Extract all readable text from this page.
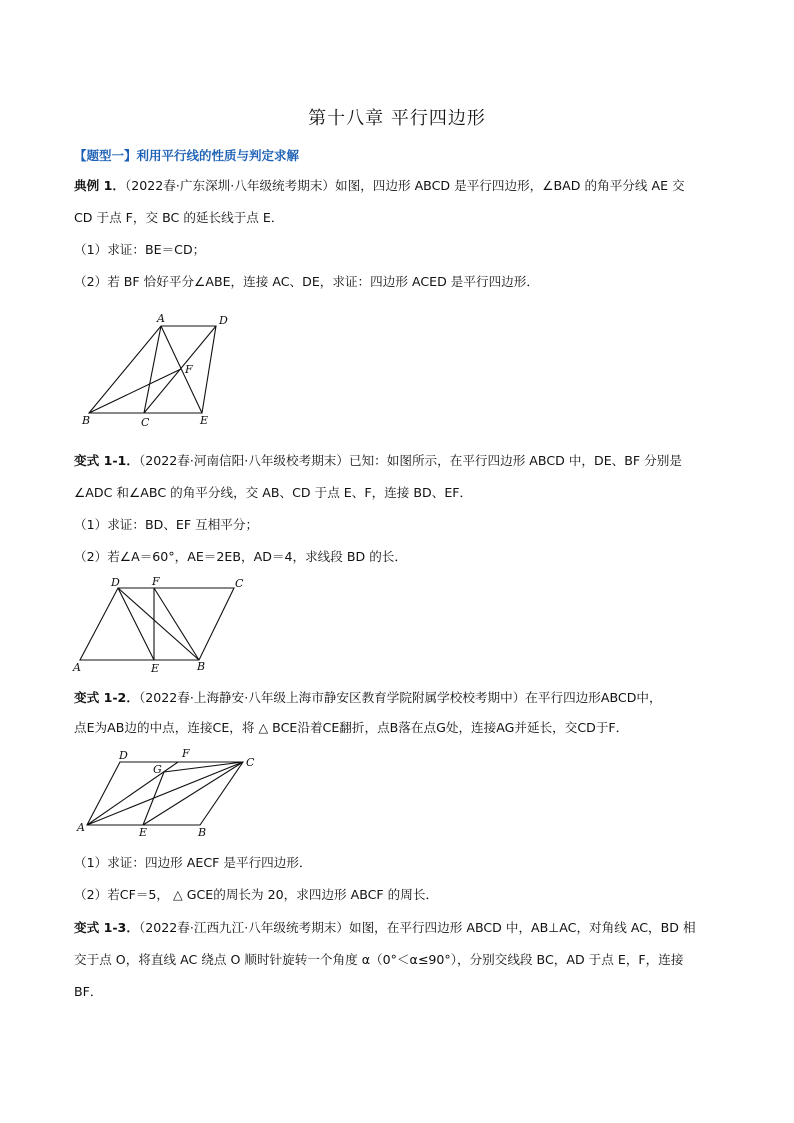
第十八章 平行四边形
【题型一】利用平行线的性质与判定求解
典例 1．（2022春·广东深圳·八年级统考期末）如图，四边形 ABCD 是平行四边形，∠BAD 的角平分线 AE 交
CD 于点 F，交 BC 的延长线于点 E．
（1）求证：BE＝CD；
（2）若 BF 恰好平分∠ABE，连接 AC、DE，求证：四边形 ACED 是平行四边形．
A	D
F
B	C	E
变式 1-1．（2022春·河南信阳·八年级校考期末）已知：如图所示，在平行四边形 ABCD 中，DE、BF 分别是
∠ADC 和∠ABC 的角平分线，交 AB、CD 于点 E、F，连接 BD、EF．
（1）求证：BD、EF 互相平分；
（2）若∠A＝60°，AE＝2EB，AD＝4，求线段 BD 的长．
D	F	C
A	E	B
变式 1-2．（2022春·上海静安·八年级上海市静安区教育学院附属学校校考期中）在平行四边形ABCD中，
点E为AB边的中点，连接CE，将 △ BCE沿着CE翻折，点B落在点G处，连接AG并延长，交CD于F．
D	F
G
C
A	E	B
（1）求证：四边形 AECF 是平行四边形．
（2）若CF＝5， △ GCE的周长为 20，求四边形 ABCF 的周长．
变式 1-3．（2022春·江西九江·八年级统考期末）如图，在平行四边形 ABCD 中，AB⊥AC，对角线 AC，BD 相
交于点 O，将直线 AC 绕点 O 顺时针旋转一个角度 α（0°＜α≤90°），分别交线段 BC，AD 于点 E，F，连接
BF．
